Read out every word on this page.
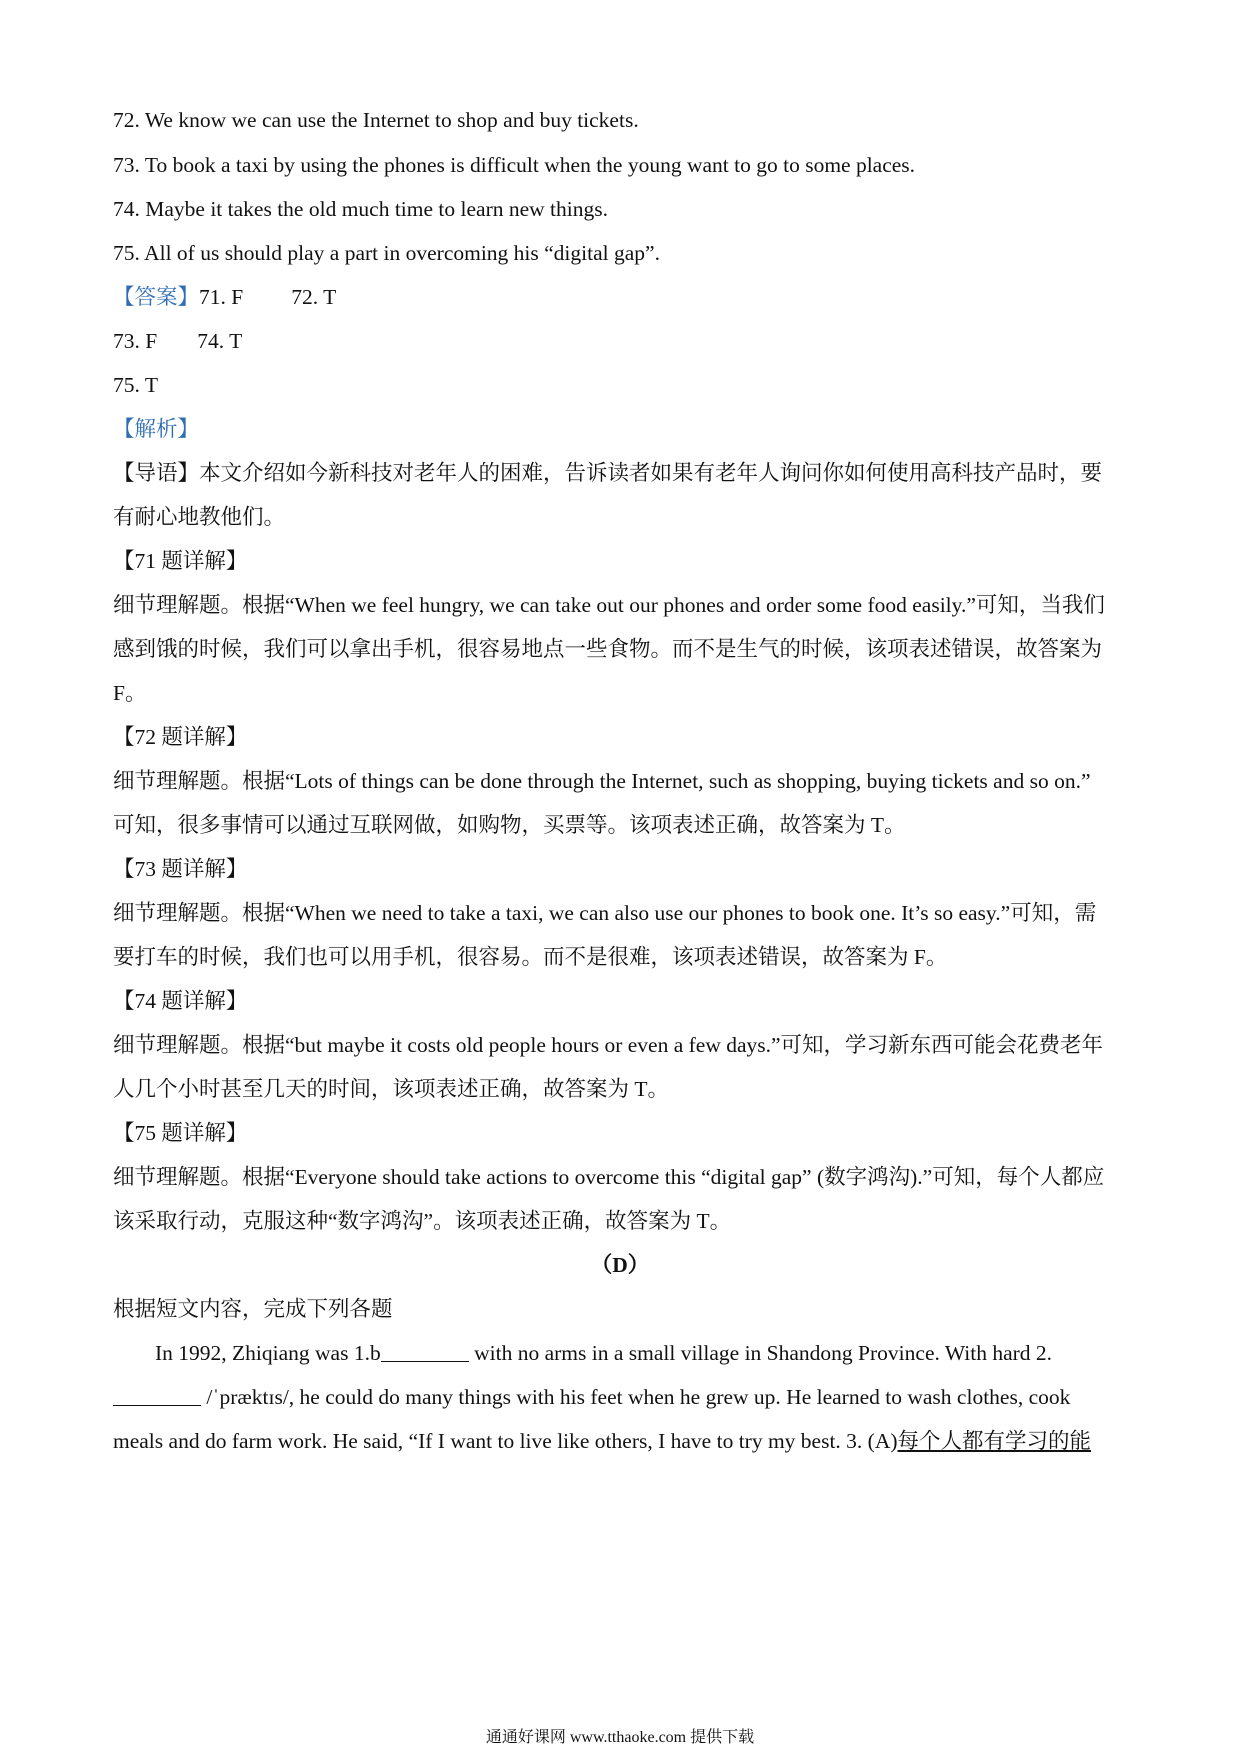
72. We know we can use the Internet to shop and buy tickets.
73. To book a taxi by using the phones is difficult when the young want to go to some places.
74. Maybe it takes the old much time to learn new things.
75. All of us should play a part in overcoming his “digital gap”.
【答案】71. F 72. T
73. F 74. T
75. T
【解析】
【导语】本文介绍如今新科技对老年人的困难，告诉读者如果有老年人询问你如何使用高科技产品时，要
有耐心地教他们。
【71 题详解】
细节理解题。根据“When we feel hungry, we can take out our phones and order some food easily.”可知，当我们
感到饿的时候，我们可以拿出手机，很容易地点一些食物。而不是生气的时候，该项表述错误，故答案为
F。
【72 题详解】
细节理解题。根据“Lots of things can be done through the Internet, such as shopping, buying tickets and so on.”
可知，很多事情可以通过互联网做，如购物，买票等。该项表述正确，故答案为 T。
【73 题详解】
细节理解题。根据“When we need to take a taxi, we can also use our phones to book one. It’s so easy.”可知，需
要打车的时候，我们也可以用手机，很容易。而不是很难，该项表述错误，故答案为 F。
【74 题详解】
细节理解题。根据“but maybe it costs old people hours or even a few days.”可知，学习新东西可能会花费老年
人几个小时甚至几天的时间，该项表述正确，故答案为 T。
【75 题详解】
细节理解题。根据“Everyone should take actions to overcome this “digital gap” (数字鸿沟).”可知，每个人都应
该采取行动，克服这种“数字鸿沟”。该项表述正确，故答案为 T。
（D）
根据短文内容，完成下列各题
In 1992, Zhiqiang was 1.b	with no arms in a small village in Shandong Province. With hard 2.
/ˈpræktɪs/, he could do many things with his feet when he grew up. He learned to wash clothes, cook
meals and do farm work. He said, “If I want to live like others, I have to try my best. 3. (A)每个人都有学习的能
通通好课网 www.tthaoke.com 提供下载
